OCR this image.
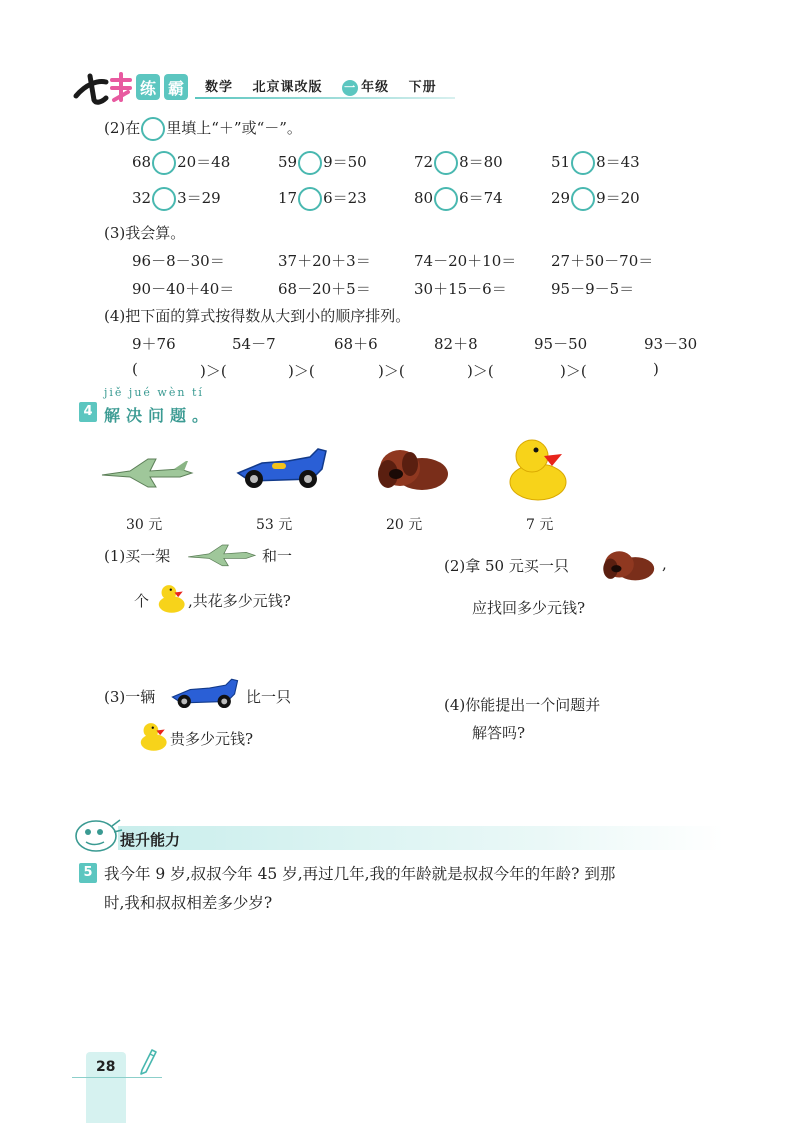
练 霸 数学 北京课改版 一 年级 下册
(2)在 里填上“＋”或“－”。
68 20＝48	59 9＝50	72 8＝80	51 8＝43
32 3＝29	17 6＝23	80 6＝74	29 9＝20
(3)我会算。
96－8－30＝	37＋20＋3＝	74－20＋10＝ 27＋50－70＝
90－40＋40＝	68－20＋5＝	30＋15－6＝	95－9－5＝
(4)把下面的算式按得数从大到小的顺序排列。
9＋76	54－7	68＋6	82＋8	95－50	93－30
(	)＞(	)＞(	)＞(	)＞(	)＞(	)
jiě jué wèn tí
4 解决问题。
30 元	53 元	20 元	7 元
(1)买一架	和一
个	,共花多少元钱?
(2)拿 50 元买一只	,
应找回多少元钱?
(3)一辆	比一只
贵多少元钱?
(4)你能提出一个问题并
解答吗?
提升能力
5 我今年 9 岁,叔叔今年 45 岁,再过几年,我的年龄就是叔叔今年的年龄? 到那
时,我和叔叔相差多少岁?
28
